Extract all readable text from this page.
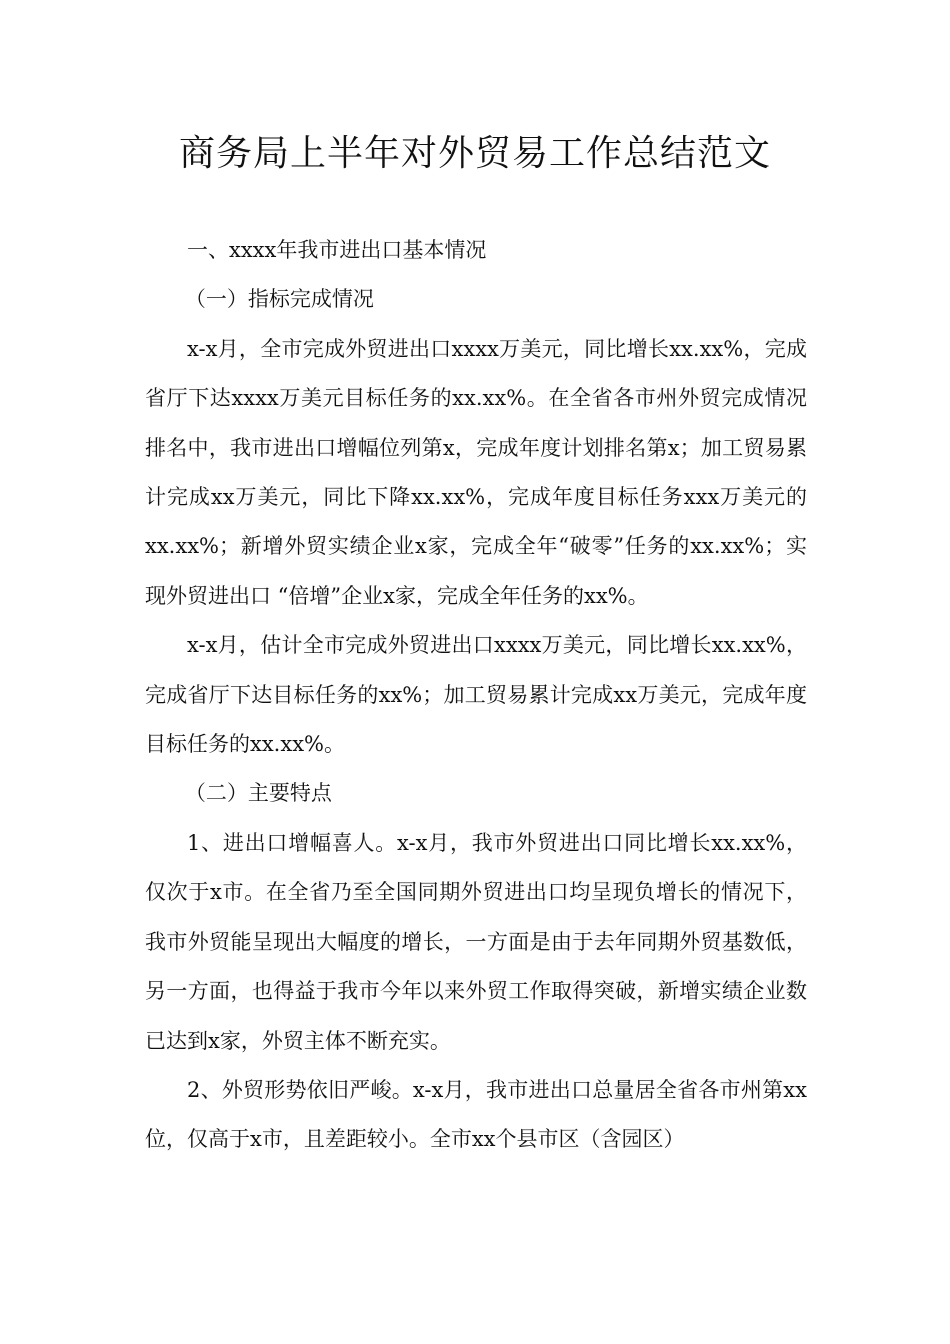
商务局上半年对外贸易工作总结范文

一、xxxx年我市进出口基本情况

（一）指标完成情况

x-x月，全市完成外贸进出口xxxx万美元，同比增长xx.xx%，完成省厅下达xxxx万美元目标任务的xx.xx%。在全省各市州外贸完成情况排名中，我市进出口增幅位列第x，完成年度计划排名第x；加工贸易累计完成xx万美元，同比下降xx.xx%，完成年度目标任务xxx万美元的xx.xx%；新增外贸实绩企业x家，完成全年“破零”任务的xx.xx%；实现外贸进出口 “倍增”企业x家，完成全年任务的xx%。

x-x月，估计全市完成外贸进出口xxxx万美元，同比增长xx.xx%，完成省厅下达目标任务的xx%；加工贸易累计完成xx万美元，完成年度目标任务的xx.xx%。

（二）主要特点

1、进出口增幅喜人。x-x月，我市外贸进出口同比增长xx.xx%，仅次于x市。在全省乃至全国同期外贸进出口均呈现负增长的情况下，我市外贸能呈现出大幅度的增长，一方面是由于去年同期外贸基数低，另一方面，也得益于我市今年以来外贸工作取得突破，新增实绩企业数已达到x家，外贸主体不断充实。

2、外贸形势依旧严峻。x-x月，我市进出口总量居全省各市州第xx位，仅高于x市，且差距较小。全市xx个县市区（含园区）
